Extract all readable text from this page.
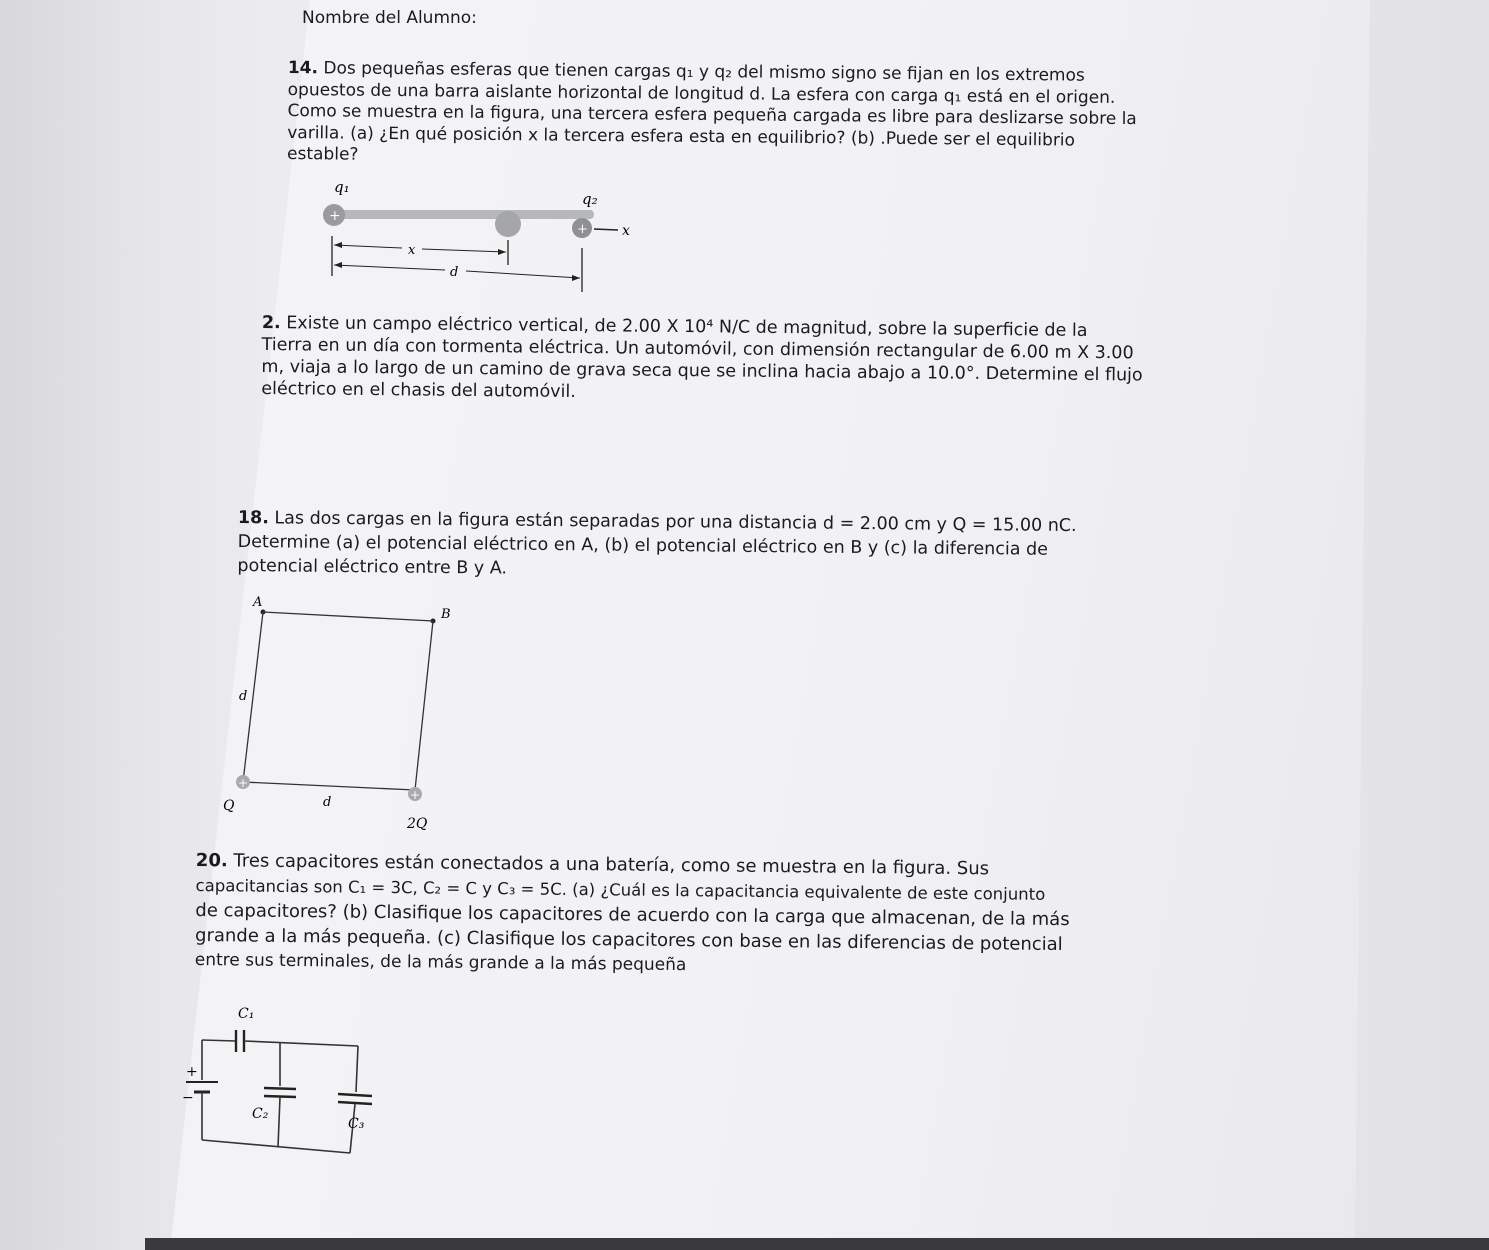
Nombre del Alumno:
14. Dos pequeñas esferas que tienen cargas q₁ y q₂ del mismo signo se fijan en los extremos
opuestos de una barra aislante horizontal de longitud d. La esfera con carga q₁ está en el origen.
Como se muestra en la figura, una tercera esfera pequeña cargada es libre para deslizarse sobre la
varilla. (a) ¿En qué posición x la tercera esfera esta en equilibrio? (b) .Puede ser el equilibrio
estable?
q₁
q₂
+
+ x
x
d
2. Existe un campo eléctrico vertical, de 2.00 X 10⁴ N/C de magnitud, sobre la superficie de la
Tierra en un día con tormenta eléctrica. Un automóvil, con dimensión rectangular de 6.00 m X 3.00
m, viaja a lo largo de un camino de grava seca que se inclina hacia abajo a 10.0°. Determine el flujo
eléctrico en el chasis del automóvil.
18. Las dos cargas en la figura están separadas por una distancia d = 2.00 cm y Q = 15.00 nC.
Determine (a) el potencial eléctrico en A, (b) el potencial eléctrico en B y (c) la diferencia de
potencial eléctrico entre B y A.
A
B
d
+
+
Q	d
2Q
20. Tres capacitores están conectados a una batería, como se muestra en la figura. Sus
capacitancias son C₁ = 3C, C₂ = C y C₃ = 5C. (a) ¿Cuál es la capacitancia equivalente de este conjunto
de capacitores? (b) Clasifique los capacitores de acuerdo con la carga que almacenan, de la más
grande a la más pequeña. (c) Clasifique los capacitores con base en las diferencias de potencial
entre sus terminales, de la más grande a la más pequeña
C₁
+
−
C₂
C₃
